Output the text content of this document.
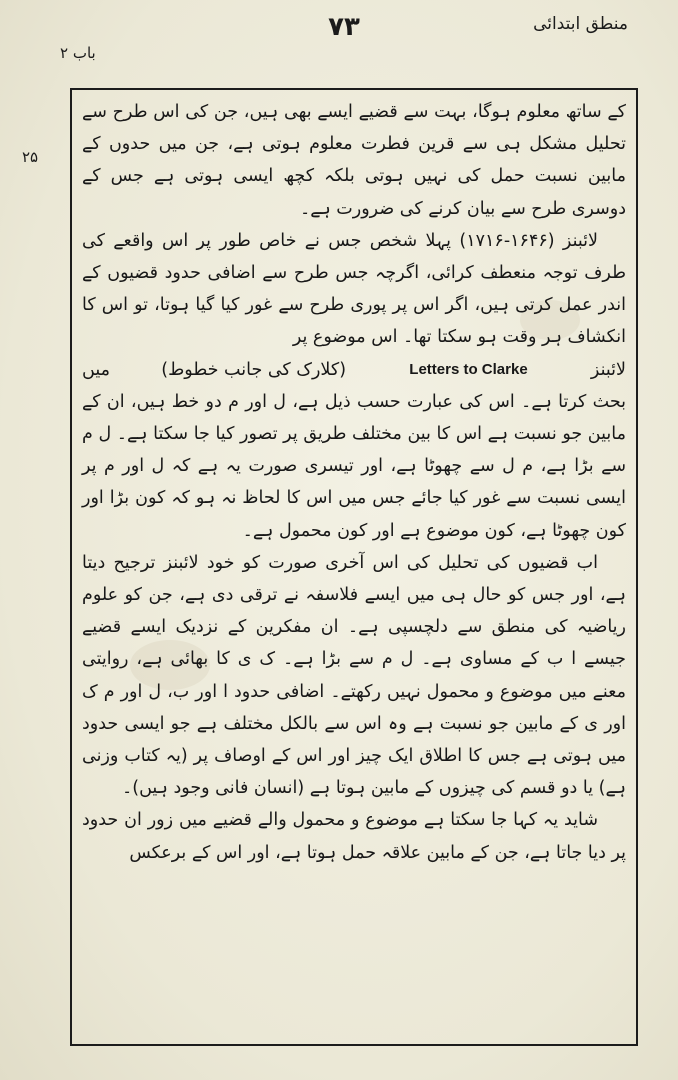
منطق ابتدائی
۷۳
باب ۲
۲۵

کے ساتھ معلوم ہوگا، بہت سے قضیے ایسے بھی ہیں، جن کی اس طرح سے تحلیل مشکل ہی سے قرین فطرت معلوم ہوتی ہے، جن میں حدوں کے مابین نسبت حمل کی نہیں ہوتی بلکہ کچھ ایسی ہوتی ہے جس کے دوسری طرح سے بیان کرنے کی ضرورت ہے۔

لائبنز (۱۶۴۶-۱۷۱۶) پہلا شخص جس نے خاص طور پر اس واقعے کی طرف توجہ منعطف کرائی، اگرچہ جس طرح سے اضافی حدود قضیوں کے اندر عمل کرتی ہیں، اگر اس پر پوری طرح سے غور کیا گیا ہوتا، تو اس کا انکشاف ہر وقت ہو سکتا تھا۔ اس موضوع پر

لائبنز
Letters to Clarke
(کلارک کی جانب خطوط)
میں

بحث کرتا ہے۔ اس کی عبارت حسب ذیل ہے، ل اور م دو خط ہیں، ان کے مابین جو نسبت ہے اس کا بین مختلف طریق پر تصور کیا جا سکتا ہے۔ ل م سے بڑا ہے، م ل سے چھوٹا ہے، اور تیسری صورت یہ ہے کہ ل اور م پر ایسی نسبت سے غور کیا جائے جس میں اس کا لحاظ نہ ہو کہ کون بڑا اور کون چھوٹا ہے، کون موضوع ہے اور کون محمول ہے۔

اب قضیوں کی تحلیل کی اس آخری صورت کو خود لائبنز ترجیح دیتا ہے، اور جس کو حال ہی میں ایسے فلاسفہ نے ترقی دی ہے، جن کو علوم ریاضیہ کی منطق سے دلچسپی ہے۔ ان مفکرین کے نزدیک ایسے قضیے جیسے ا ب کے مساوی ہے۔ ل م سے بڑا ہے۔ ک ی کا بھائی ہے، روایتی معنے میں موضوع و محمول نہیں رکھتے۔ اضافی حدود ا اور ب، ل اور م ک اور ی کے مابین جو نسبت ہے وہ اس سے بالکل مختلف ہے جو ایسی حدود میں ہوتی ہے جس کا اطلاق ایک چیز اور اس کے اوصاف پر (یہ کتاب وزنی ہے) یا دو قسم کی چیزوں کے مابین ہوتا ہے (انسان فانی وجود ہیں)۔

شاید یہ کہا جا سکتا ہے موضوع و محمول والے قضیے میں زور ان حدود پر دیا جاتا ہے، جن کے مابین علاقہ حمل ہوتا ہے، اور اس کے برعکس
